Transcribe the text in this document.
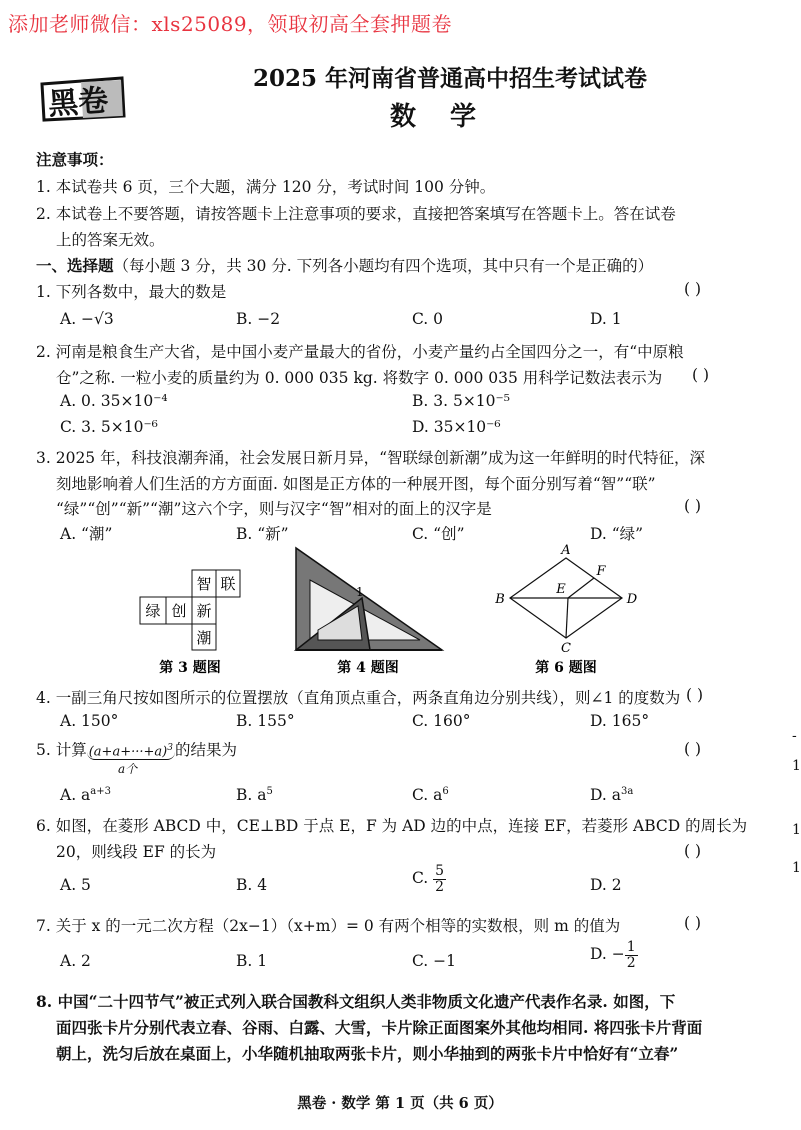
添加老师微信：xls25089，领取初高全套押题卷
黑卷
2025 年河南省普通高中招生考试试卷
数学
注意事项：
1. 本试卷共 6 页，三个大题，满分 120 分，考试时间 100 分钟。
2. 本试卷上不要答题，请按答题卡上注意事项的要求，直接把答案填写在答题卡上。答在试卷
上的答案无效。
一、选择题（每小题 3 分，共 30 分. 下列各小题均有四个选项，其中只有一个是正确的）
1. 下列各数中，最大的数是	( )
A. −√3	B. −2	C. 0	D. 1
2. 河南是粮食生产大省，是中国小麦产量最大的省份，小麦产量约占全国四分之一，有“中原粮
仓”之称. 一粒小麦的质量约为 0. 000 035 kg. 将数字 0. 000 035 用科学记数法表示为 ( )
A. 0. 35×10⁻⁴	B. 3. 5×10⁻⁵
C. 3. 5×10⁻⁶	D. 35×10⁻⁶
3. 2025 年，科技浪潮奔涌，社会发展日新月异，“智联绿创新潮”成为这一年鲜明的时代特征，深
刻地影响着人们生活的方方面面. 如图是正方体的一种展开图，每个面分别写着“智”“联”
“绿”“创”“新”“潮”这六个字，则与汉字“智”相对的面上的汉字是	( )
A. “潮”	B. “新”	C. “创”	D. “绿”
智 联
绿 创 新
潮
第 3 题图
1
第 4 题图
A
B
C
D
E
F
第 6 题图
4. 一副三角尺按如图所示的位置摆放（直角顶点重合，两条直角边分别共线），则∠1 的度数为 ( )
A. 150°	B. 155°	C. 160°	D. 165°
5. 计算 $(a+a+\cdot\cdot\cdot+a)^3$ 的结果为
a个
( )
A. $a^{a+3}$	B. $a^5$	C. $a^6$	D. $a^{3a}$
6. 如图，在菱形 ABCD 中，CE⊥BD 于点 E，F 为 AD 边的中点，连接 EF，若菱形 ABCD 的周长为
20，则线段 EF 的长为	( )
A. 5	B. 4	C. $\frac{5}{2}$	D. 2
7. 关于 x 的一元二次方程（2x−1）（x+m）= 0 有两个相等的实数根，则 m 的值为	( )
A. 2	B. 1	C. −1	D. − $\frac{1}{2}$
8. 中国“二十四节气”被正式列入联合国教科文组织人类非物质文化遗产代表作名录. 如图，下
面四张卡片分别代表立春、谷雨、白露、大雪，卡片除正面图案外其他均相同. 将四张卡片背面
朝上，洗匀后放在桌面上，小华随机抽取两张卡片，则小华抽到的两张卡片中恰好有“立春”
-
1
1
1
黑卷 · 数学 第 1 页（共 6 页）
